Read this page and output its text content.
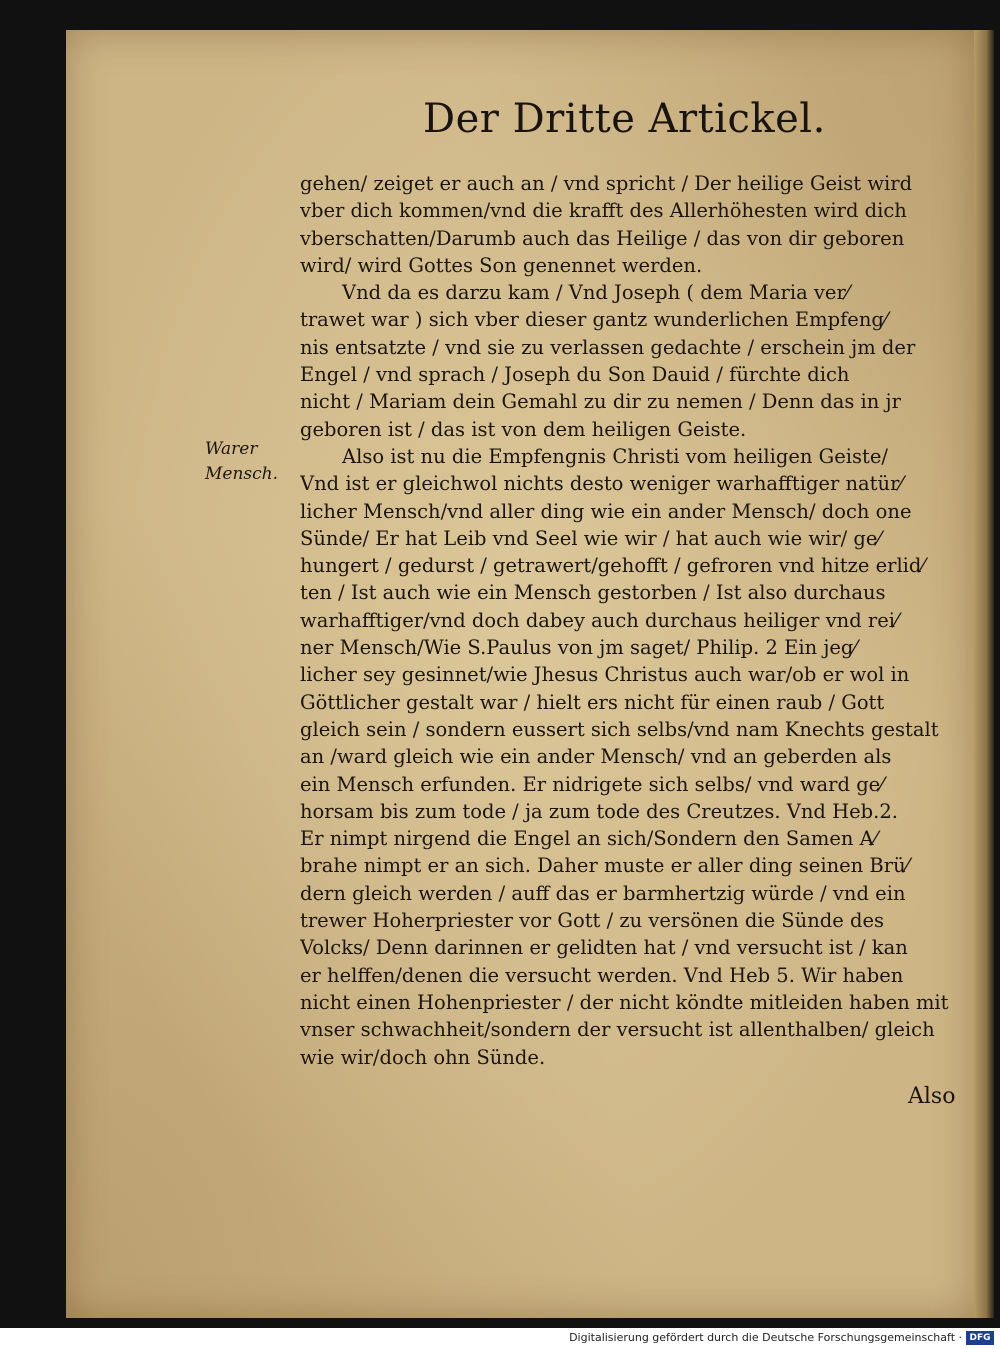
Der Dritte Artickel.
Warer
Mensch.
gehen/ zeiget er auch an / vnd spricht / Der heilige Geist wird
vber dich kommen/vnd die krafft des Allerhöhesten wird dich
vberschatten/Darumb auch das Heilige / das von dir geboren
wird/ wird Gottes Son genennet werden.
Vnd da es darzu kam / Vnd Joseph ( dem Maria ver⁄
trawet war ) sich vber dieser gantz wunderlichen Empfeng⁄
nis entsatzte / vnd sie zu verlassen gedachte / erschein jm der
Engel / vnd sprach / Joseph du Son Dauid / fürchte dich
nicht / Mariam dein Gemahl zu dir zu nemen / Denn das in jr
geboren ist / das ist von dem heiligen Geiste.
Also ist nu die Empfengnis Christi vom heiligen Geiste/
Vnd ist er gleichwol nichts desto weniger warhafftiger natür⁄
licher Mensch/vnd aller ding wie ein ander Mensch/ doch one
Sünde/ Er hat Leib vnd Seel wie wir / hat auch wie wir/ ge⁄
hungert / gedurst / getrawert/gehofft / gefroren vnd hitze erlid⁄
ten / Ist auch wie ein Mensch gestorben / Ist also durchaus
warhafftiger/vnd doch dabey auch durchaus heiliger vnd rei⁄
ner Mensch/Wie S.Paulus von jm saget/ Philip. 2 Ein jeg⁄
licher sey gesinnet/wie Jhesus Christus auch war/ob er wol in
Göttlicher gestalt war / hielt ers nicht für einen raub / Gott
gleich sein / sondern eussert sich selbs/vnd nam Knechts gestalt
an /ward gleich wie ein ander Mensch/ vnd an geberden als
ein Mensch erfunden. Er nidrigete sich selbs/ vnd ward ge⁄
horsam bis zum tode / ja zum tode des Creutzes. Vnd Heb.2.
Er nimpt nirgend die Engel an sich/Sondern den Samen A⁄
brahe nimpt er an sich. Daher muste er aller ding seinen Brü⁄
dern gleich werden / auff das er barmhertzig würde / vnd ein
trewer Hoherpriester vor Gott / zu versönen die Sünde des
Volcks/ Denn darinnen er gelidten hat / vnd versucht ist / kan
er helffen/denen die versucht werden. Vnd Heb 5. Wir haben
nicht einen Hohenpriester / der nicht köndte mitleiden haben mit
vnser schwachheit/sondern der versucht ist allenthalben/ gleich
wie wir/doch ohn Sünde.
Also
Digitalisierung gefördert durch die Deutsche Forschungsgemeinschaft · DFG
